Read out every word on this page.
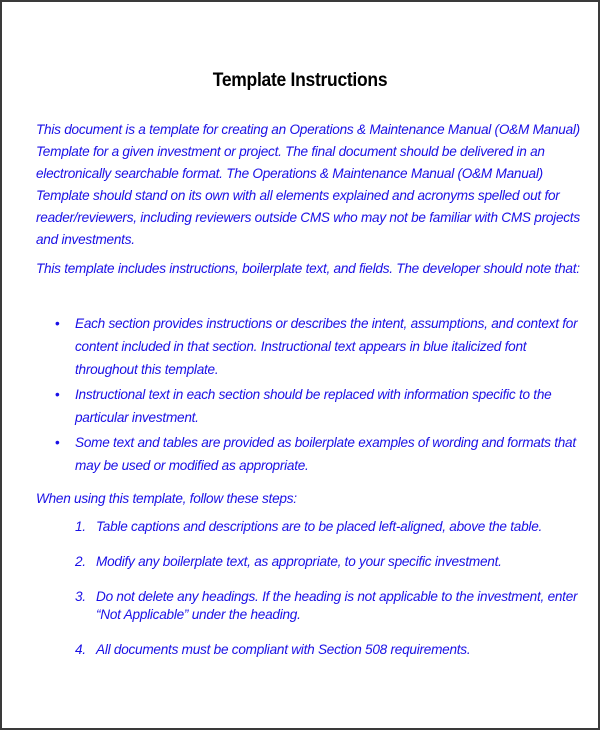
Template Instructions

This document is a template for creating an Operations & Maintenance Manual (O&M Manual) Template for a given investment or project. The final document should be delivered in an electronically searchable format. The Operations & Maintenance Manual (O&M Manual) Template should stand on its own with all elements explained and acronyms spelled out for reader/reviewers, including reviewers outside CMS who may not be familiar with CMS projects and investments.

This template includes instructions, boilerplate text, and fields. The developer should note that:

• Each section provides instructions or describes the intent, assumptions, and context for content included in that section. Instructional text appears in blue italicized font throughout this template.
• Instructional text in each section should be replaced with information specific to the particular investment.
• Some text and tables are provided as boilerplate examples of wording and formats that may be used or modified as appropriate.

When using this template, follow these steps:

1. Table captions and descriptions are to be placed left-aligned, above the table.
2. Modify any boilerplate text, as appropriate, to your specific investment.
3. Do not delete any headings. If the heading is not applicable to the investment, enter “Not Applicable” under the heading.
4. All documents must be compliant with Section 508 requirements.
